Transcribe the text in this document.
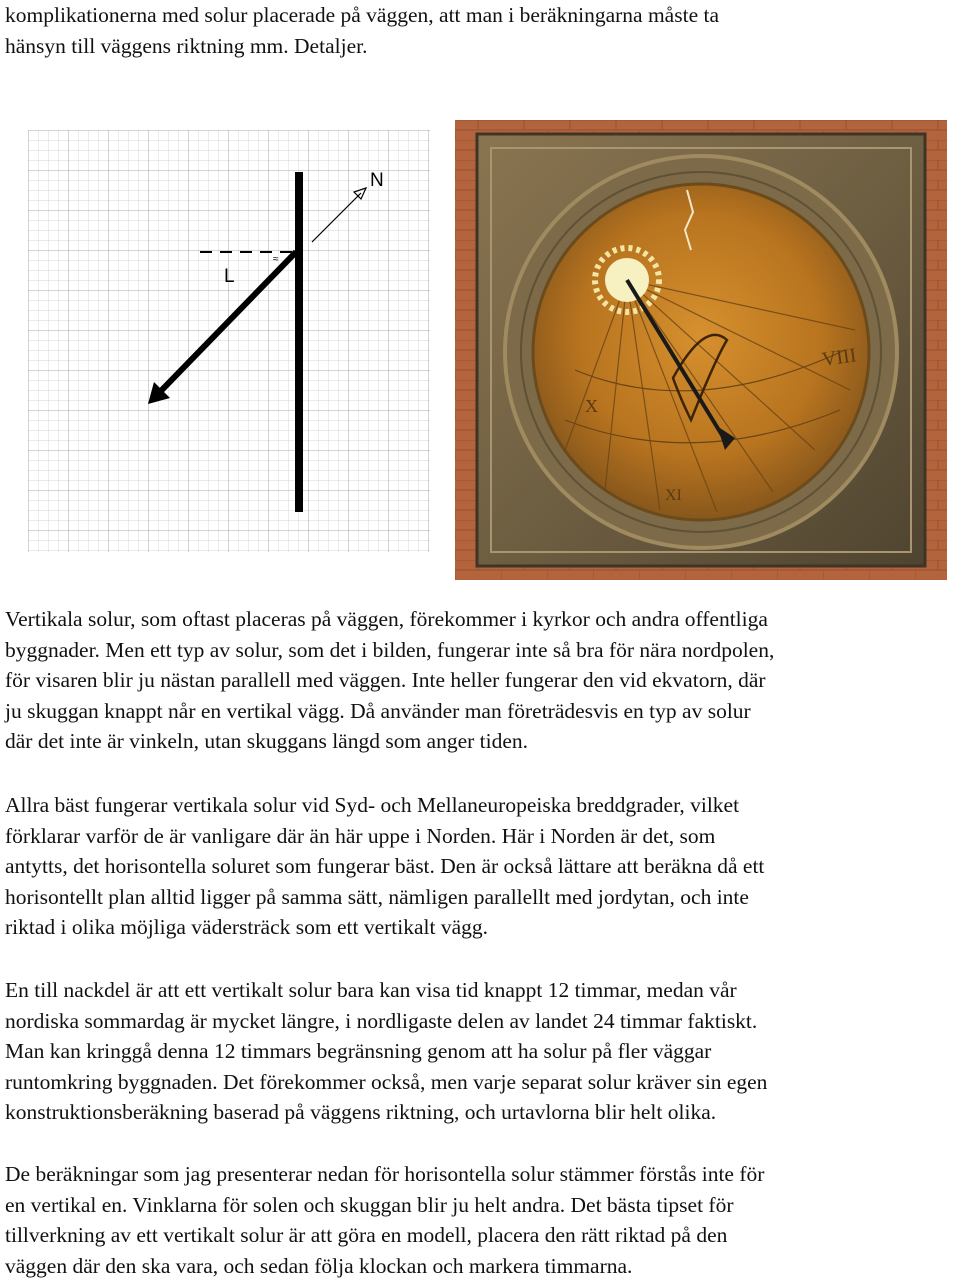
komplikationerna med solur placerade på väggen, att man i beräkningarna måste ta
hänsyn till väggens riktning mm. Detaljer.
N
L
≈
VIII
X
XI
Vertikala solur, som oftast placeras på väggen, förekommer i kyrkor och andra offentliga
byggnader. Men ett typ av solur, som det i bilden, fungerar inte så bra för nära nordpolen,
för visaren blir ju nästan parallell med väggen. Inte heller fungerar den vid ekvatorn, där
ju skuggan knappt når en vertikal vägg. Då använder man företrädesvis en typ av solur
där det inte är vinkeln, utan skuggans längd som anger tiden.
Allra bäst fungerar vertikala solur vid Syd- och Mellaneuropeiska breddgrader, vilket
förklarar varför de är vanligare där än här uppe i Norden. Här i Norden är det, som
antytts, det horisontella soluret som fungerar bäst. Den är också lättare att beräkna då ett
horisontellt plan alltid ligger på samma sätt, nämligen parallellt med jordytan, och inte
riktad i olika möjliga vädersträck som ett vertikalt vägg.
En till nackdel är att ett vertikalt solur bara kan visa tid knappt 12 timmar, medan vår
nordiska sommardag är mycket längre, i nordligaste delen av landet 24 timmar faktiskt.
Man kan kringgå denna 12 timmars begränsning genom att ha solur på fler väggar
runtomkring byggnaden. Det förekommer också, men varje separat solur kräver sin egen
konstruktionsberäkning baserad på väggens riktning, och urtavlorna blir helt olika.
De beräkningar som jag presenterar nedan för horisontella solur stämmer förstås inte för
en vertikal en. Vinklarna för solen och skuggan blir ju helt andra. Det bästa tipset för
tillverkning av ett vertikalt solur är att göra en modell, placera den rätt riktad på den
väggen där den ska vara, och sedan följa klockan och markera timmarna.
